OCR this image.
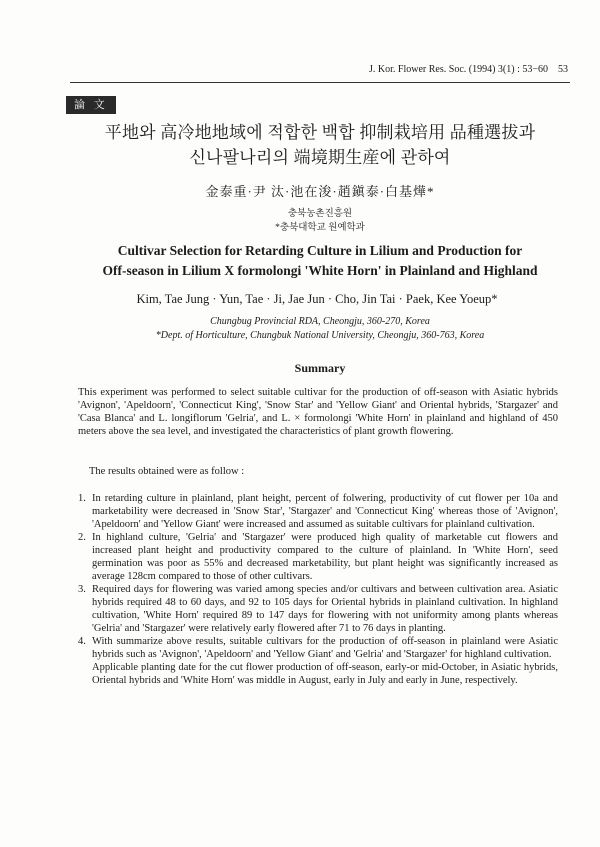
J. Kor. Flower Res. Soc. (1994) 3(1) : 53−60	53
論 文
平地와 高冷地地域에 적합한 백합 抑制栽培用 品種選拔과
신나팔나리의 端境期生産에 관하여
金泰重·尹 汰·池在浚·趙鎭泰·白基燁*
충북농촌진흥원
*충북대학교 원예학과
Cultivar Selection for Retarding Culture in Lilium and Production for
Off-season in Lilium X formolongi 'White Horn' in Plainland and Highland
Kim, Tae Jung · Yun, Tae · Ji, Jae Jun · Cho, Jin Tai · Paek, Kee Yoeup*
Chungbug Provincial RDA, Cheongju, 360-270, Korea
*Dept. of Horticulture, Chungbuk National University, Cheongju, 360-763, Korea
Summary
This experiment was performed to select suitable cultivar for the production of off-season with Asiatic hybrids 'Avignon', 'Apeldoorn', 'Connecticut King', 'Snow Star' and 'Yellow Giant' and Oriental hybrids, 'Stargazer' and 'Casa Blanca' and L. longiflorum 'Gelria', and L. × formolongi 'White Horn' in plainland and highland of 450 meters above the sea level, and investigated the characteristics of plant growth flowering.
The results obtained were as follow :
1. In retarding culture in plainland, plant height, percent of folwering, productivity of cut flower per 10a and marketability were decreased in 'Snow Star', 'Stargazer' and 'Connecticut King' whereas those of 'Avignon', 'Apeldoorn' and 'Yellow Giant' were increased and assumed as suitable cultivars for plainland cultivation.

2. In highland culture, 'Gelria' and 'Stargazer' were produced high quality of marketable cut flowers and increased plant height and productivity compared to the culture of plainland. In 'White Horn', seed germination was poor as 55% and decreased marketability, but plant height was significantly increased as average 128cm compared to those of other cultivars.

3. Required days for flowering was varied among species and/or cultivars and between cultivation area. Asiatic hybrids required 48 to 60 days, and 92 to 105 days for Oriental hybrids in plainland cultivation. In highland cultivation, 'White Horn' required 89 to 147 days for flowering with not uniformity among plants whereas 'Gelria' and 'Stargazer' were relatively early flowered after 71 to 76 days in planting.

4. With summarize above results, suitable cultivars for the production of off-season in plainland were Asiatic hybrids such as 'Avignon', 'Apeldoorn' and 'Yellow Giant' and 'Gelria' and 'Stargazer' for highland cultivation.

Applicable planting date for the cut flower production of off-season, early-or mid-October, in Asiatic hybrids, Oriental hybrids and 'White Horn' was middle in August, early in July and early in June, respectively.
